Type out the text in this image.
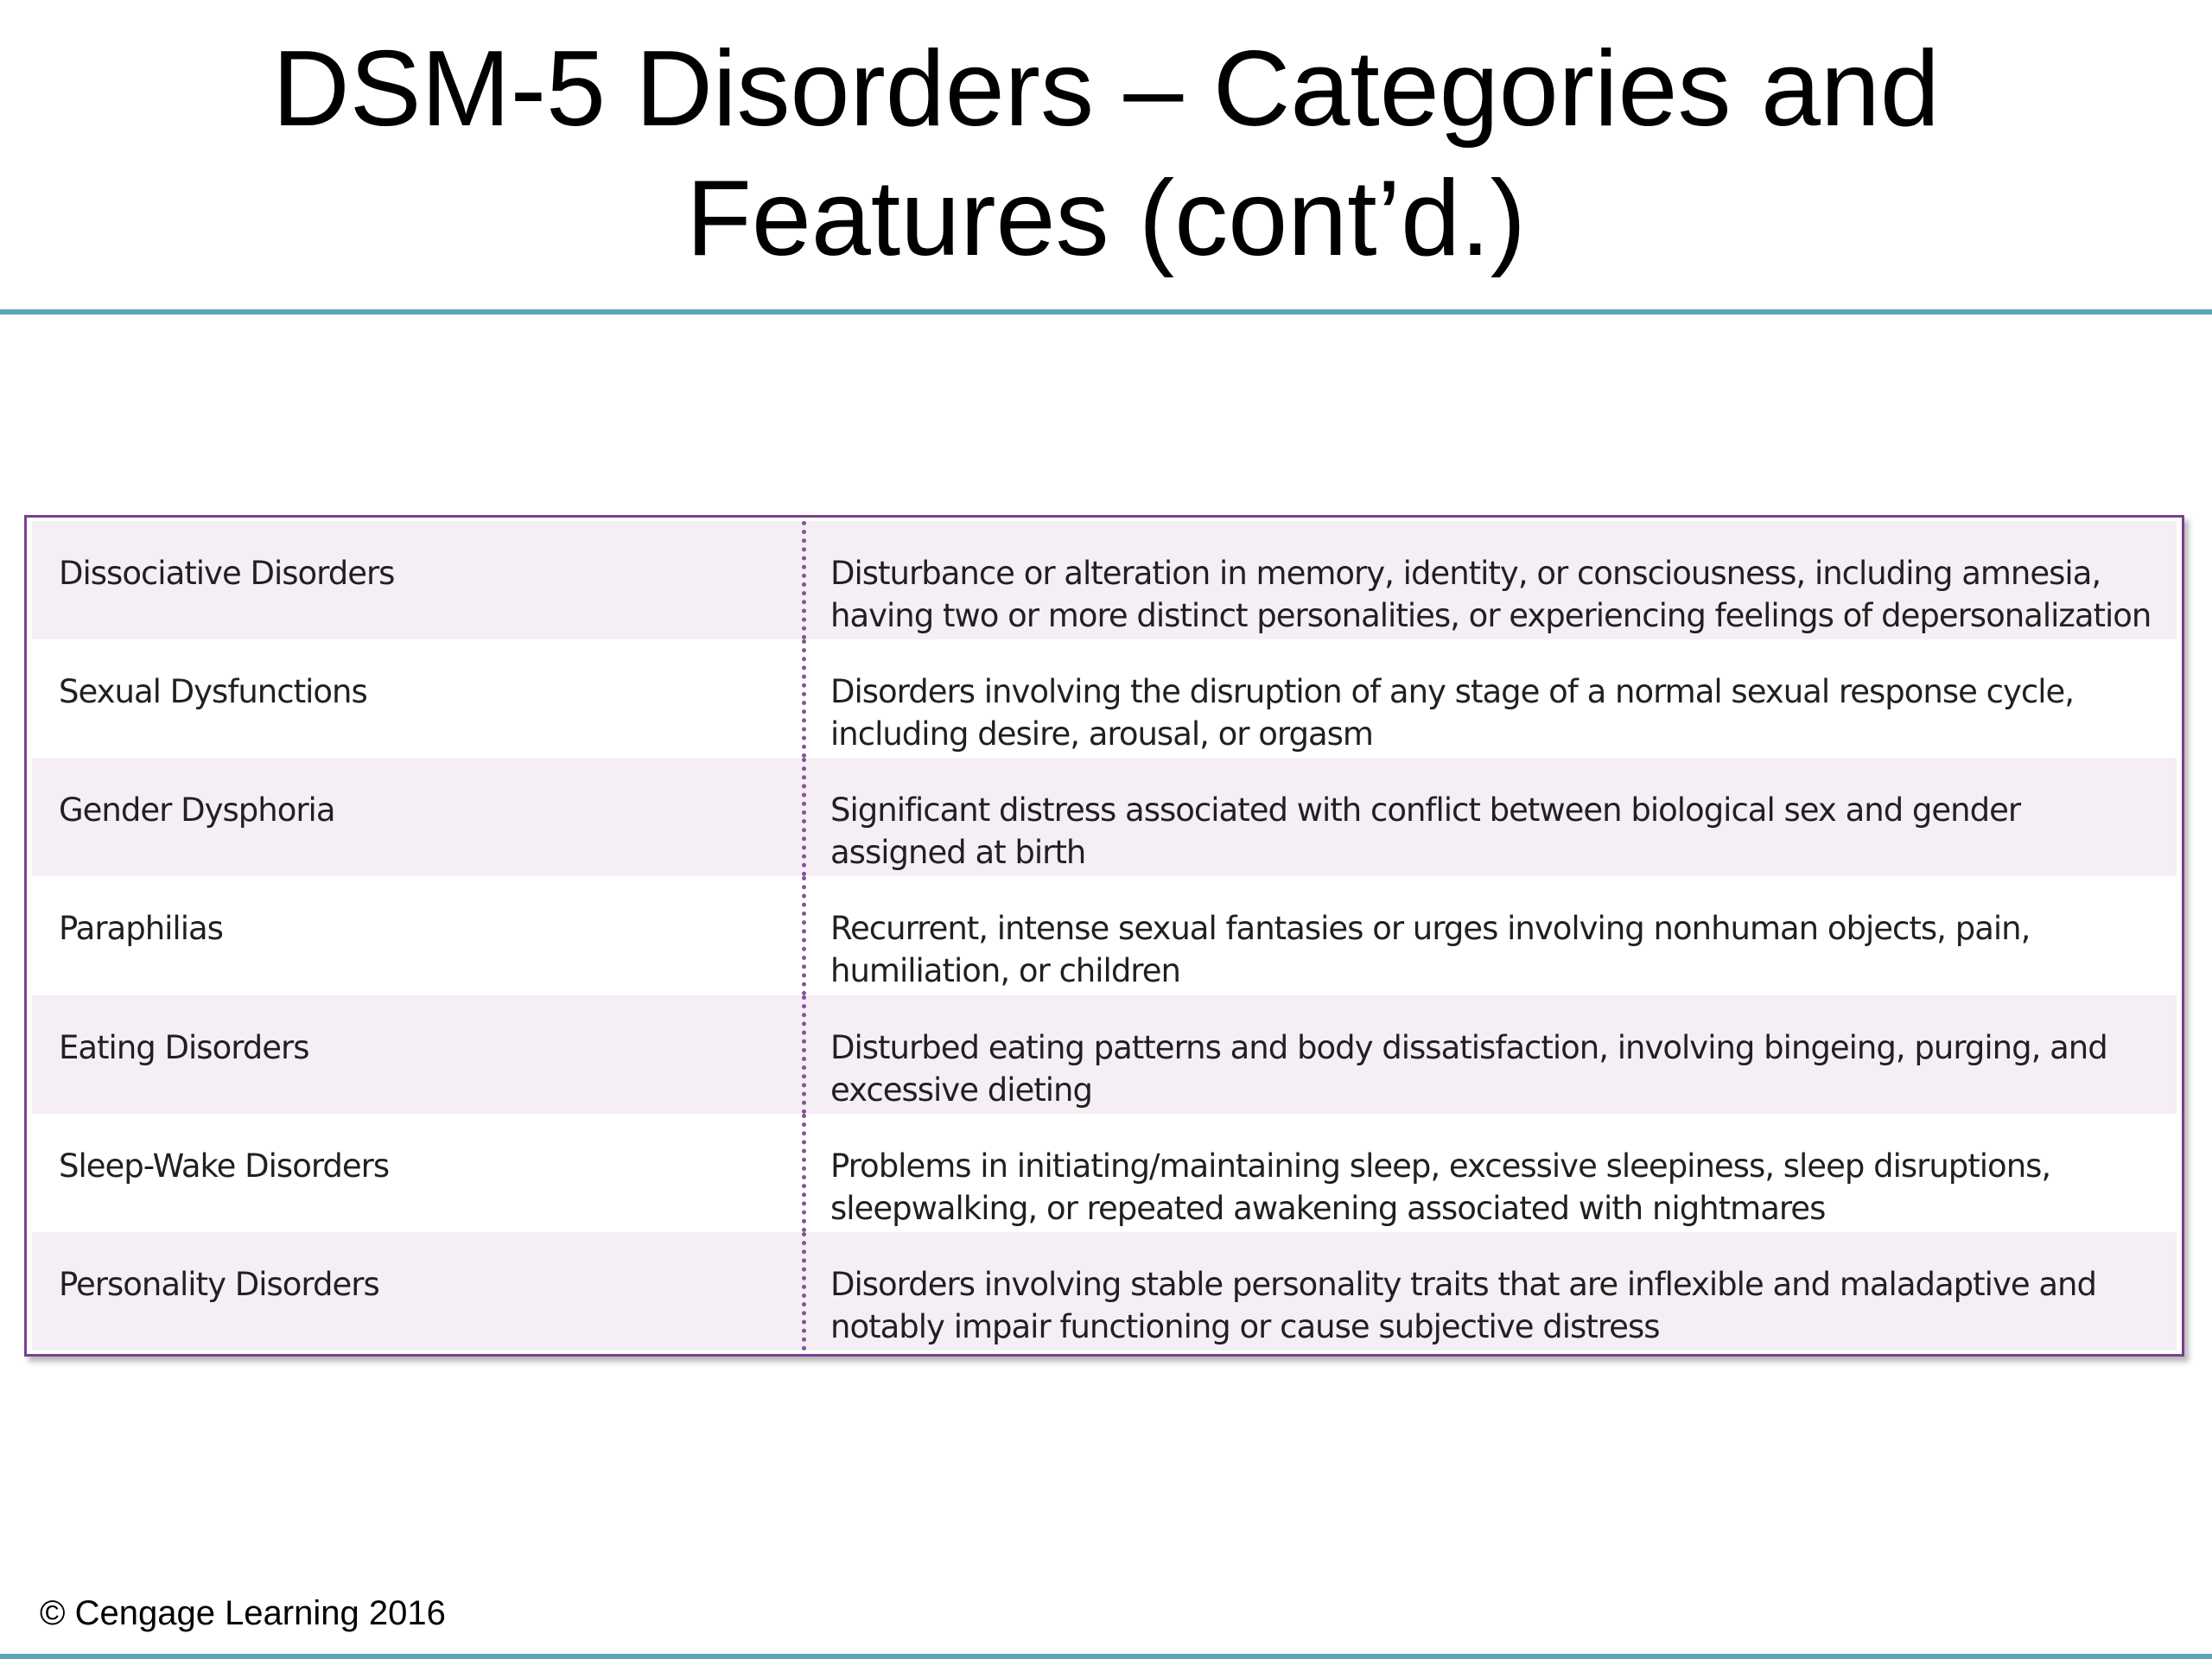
DSM-5 Disorders – Categories and
Features (cont’d.)
Dissociative Disorders	Disturbance or alteration in memory, identity, or consciousness, including amnesia, having two or more distinct personalities, or experiencing feelings of depersonalization
Sexual Dysfunctions	Disorders involving the disruption of any stage of a normal sexual response cycle, including desire, arousal, or orgasm
Gender Dysphoria	Significant distress associated with conflict between biological sex and gender assigned at birth
Paraphilias	Recurrent, intense sexual fantasies or urges involving nonhuman objects, pain, humiliation, or children
Eating Disorders	Disturbed eating patterns and body dissatisfaction, involving bingeing, purging, and excessive dieting
Sleep-Wake Disorders	Problems in initiating/maintaining sleep, excessive sleepiness, sleep disruptions, sleepwalking, or repeated awakening associated with nightmares
Personality Disorders	Disorders involving stable personality traits that are inflexible and maladaptive and notably impair functioning or cause subjective distress
© Cengage Learning 2016
